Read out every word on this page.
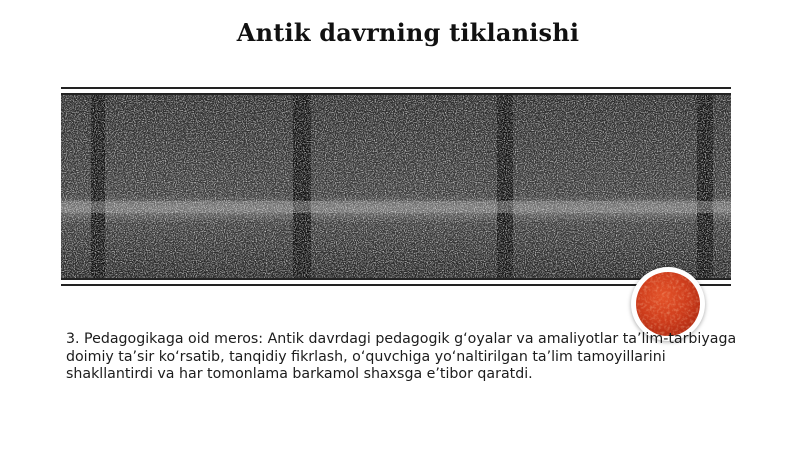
Antik davrning tiklanishi
3. Pedagogikaga oid meros: Antik davrdagi pedagogik g‘oyalar va amaliyotlar ta’lim-tarbiyaga doimiy ta’sir ko‘rsatib, tanqidiy fikrlash, o‘quvchiga yo‘naltirilgan ta’lim tamoyillarini shakllantirdi va har tomonlama barkamol shaxsga e’tibor qaratdi.
